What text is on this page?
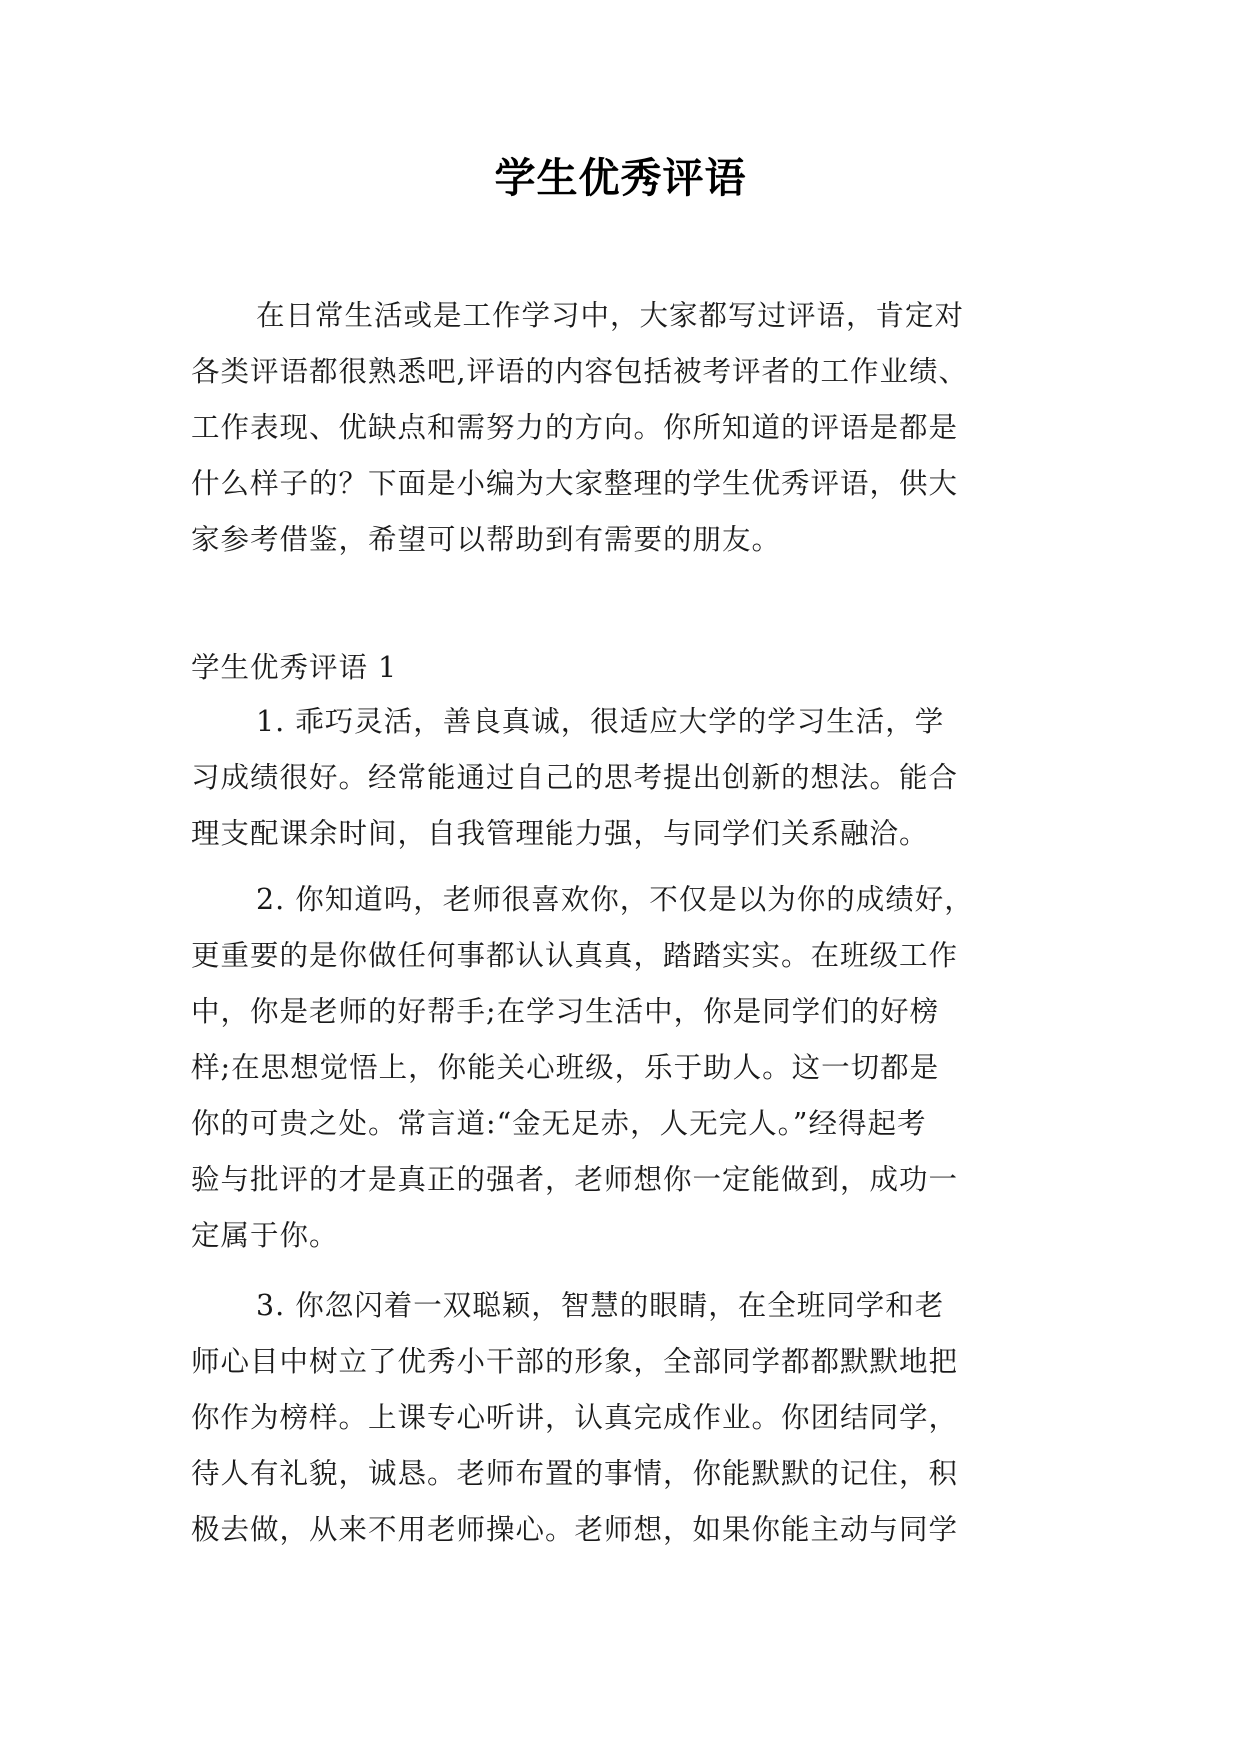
学生优秀评语
在日常生活或是工作学习中，大家都写过评语，肯定对
各类评语都很熟悉吧,评语的内容包括被考评者的工作业绩、
工作表现、优缺点和需努力的方向。你所知道的评语是都是
什么样子的？下面是小编为大家整理的学生优秀评语，供大
家参考借鉴，希望可以帮助到有需要的朋友。
学生优秀评语 1
1. 乖巧灵活，善良真诚，很适应大学的学习生活，学
习成绩很好。经常能通过自己的思考提出创新的想法。能合
理支配课余时间，自我管理能力强，与同学们关系融洽。
2. 你知道吗，老师很喜欢你，不仅是以为你的成绩好，
更重要的是你做任何事都认认真真，踏踏实实。在班级工作
中，你是老师的好帮手;在学习生活中，你是同学们的好榜
样;在思想觉悟上，你能关心班级，乐于助人。这一切都是
你的可贵之处。常言道:“金无足赤，人无完人。”经得起考
验与批评的才是真正的强者，老师想你一定能做到，成功一
定属于你。
3. 你忽闪着一双聪颖，智慧的眼睛，在全班同学和老
师心目中树立了优秀小干部的形象，全部同学都都默默地把
你作为榜样。上课专心听讲，认真完成作业。你团结同学，
待人有礼貌，诚恳。老师布置的事情，你能默默的记住，积
极去做，从来不用老师操心。老师想，如果你能主动与同学
